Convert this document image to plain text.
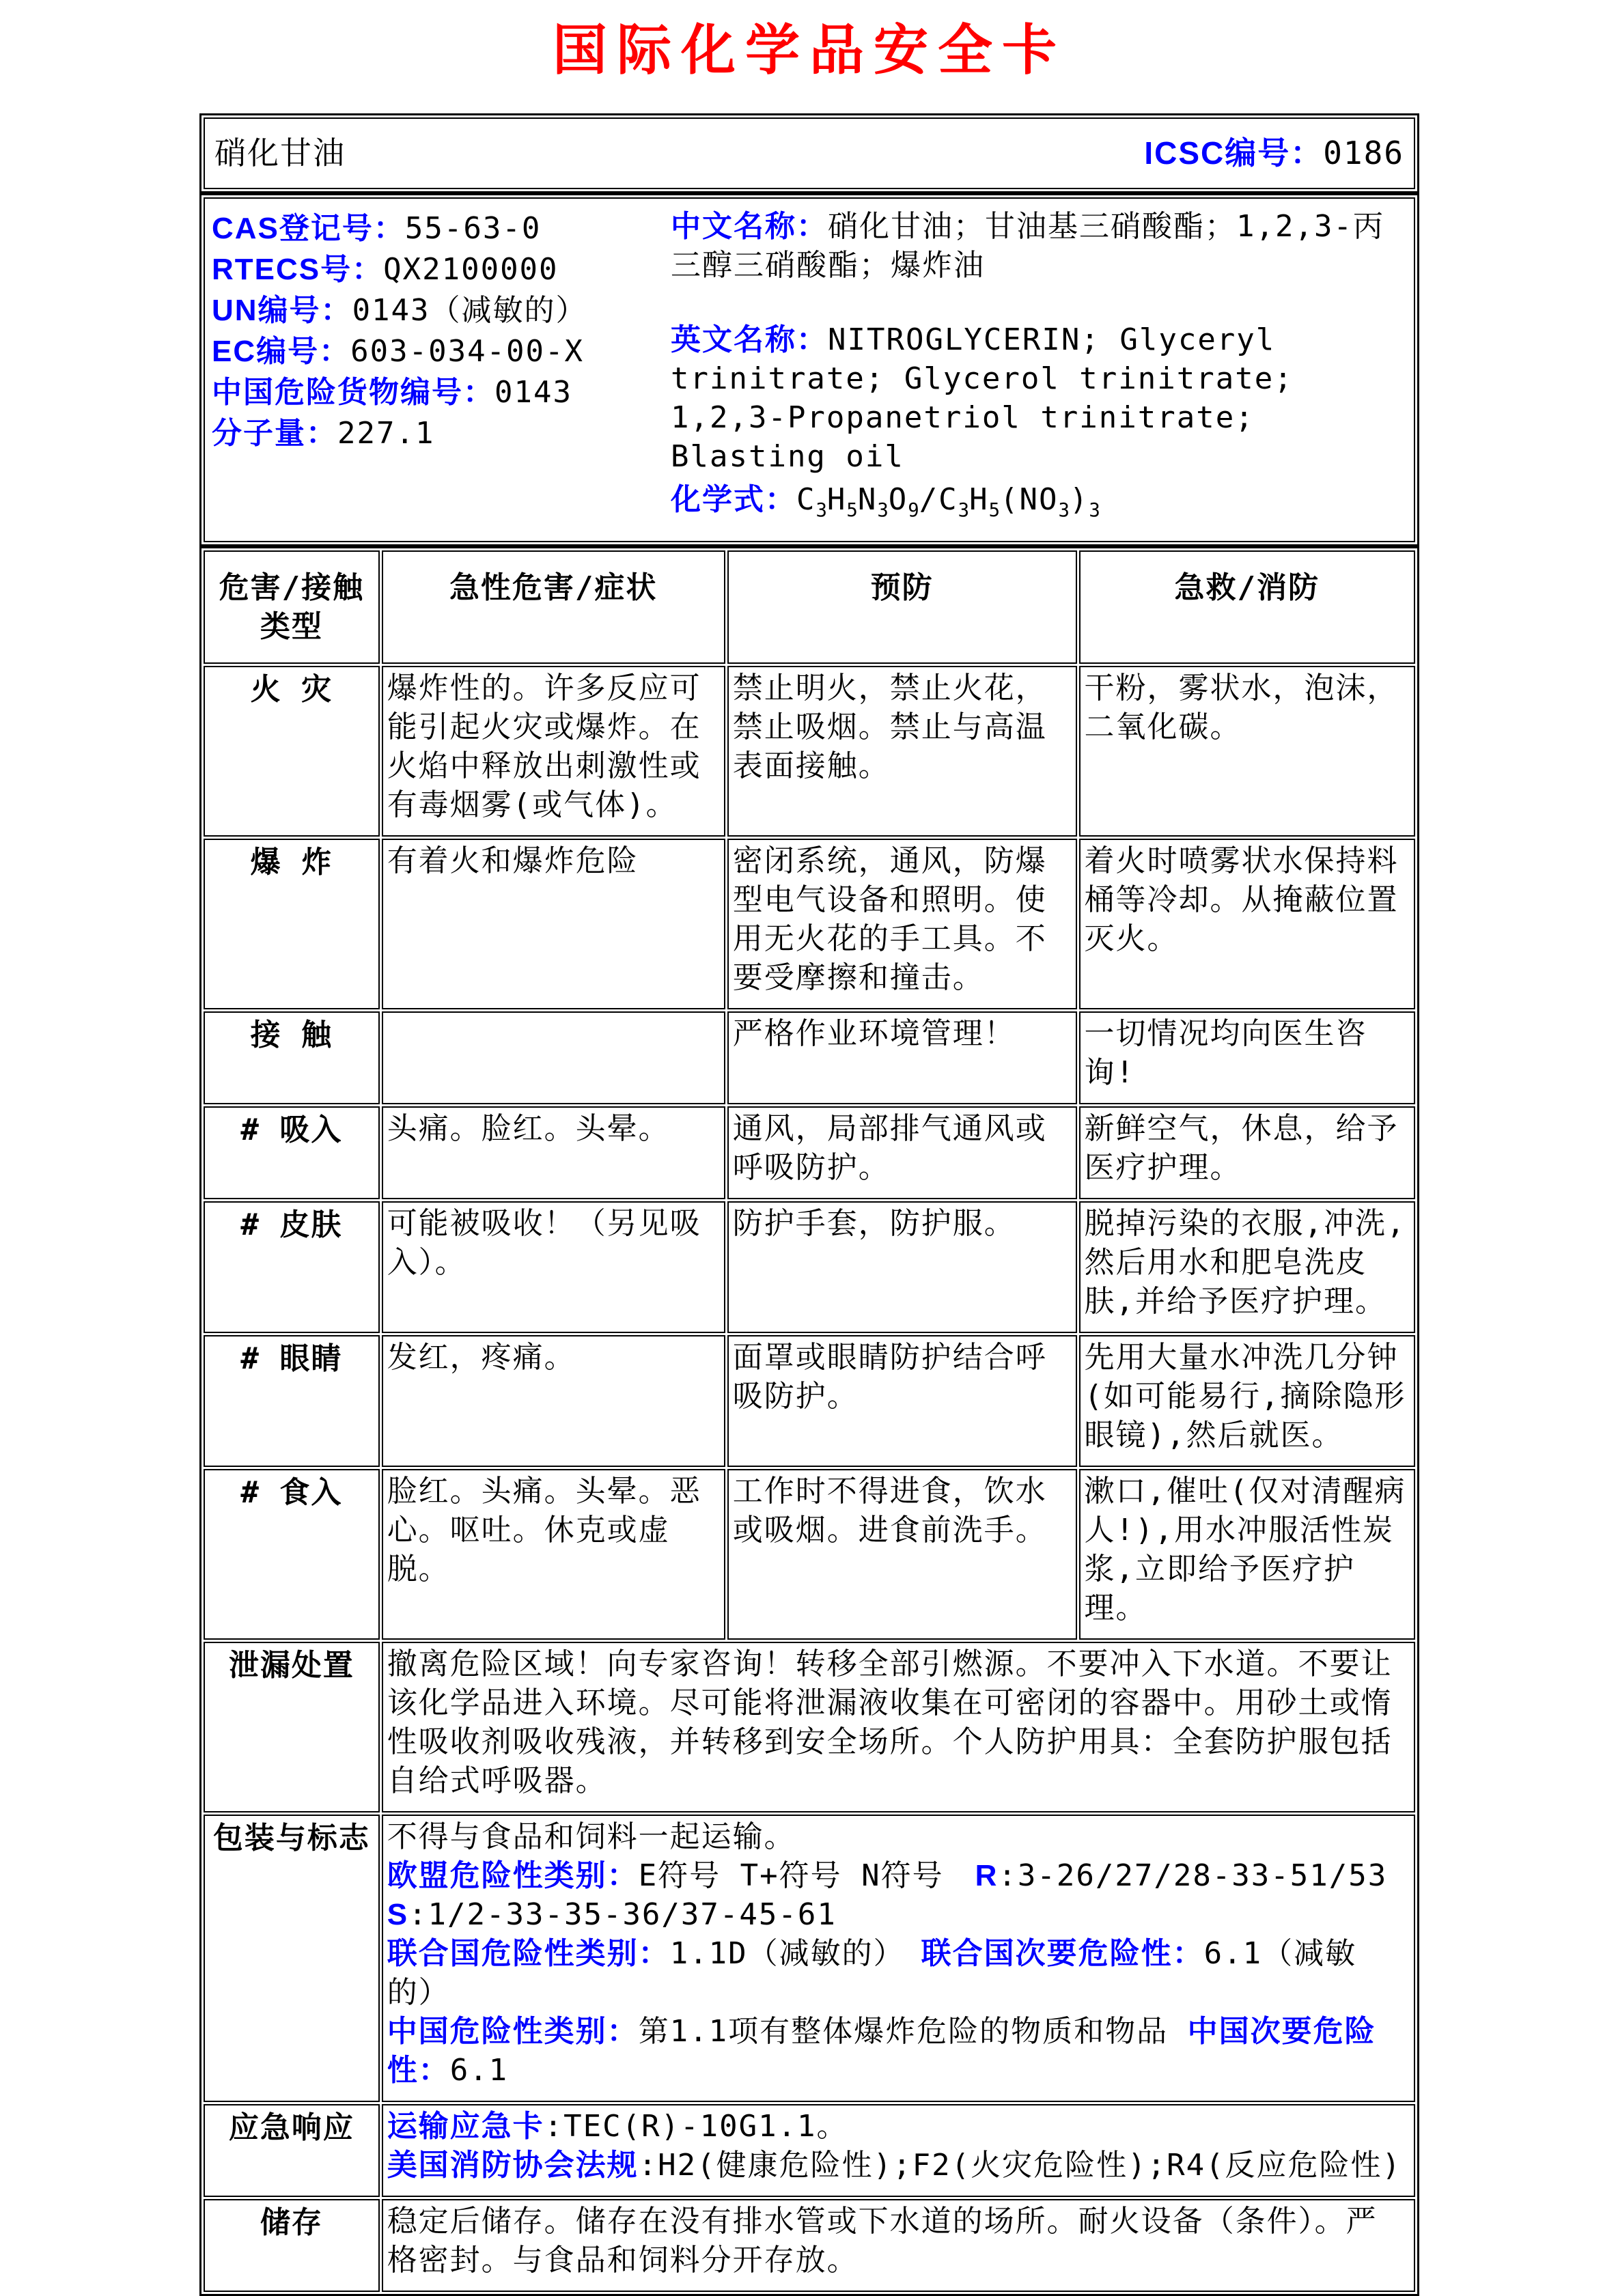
国际化学品安全卡
硝化甘油	ICSC编号：0186
CAS登记号：55-63-0
RTECS号：QX2100000
UN编号：0143（减敏的）
EC编号：603-034-00-X
中国危险货物编号：0143
分子量：227.1

中文名称：硝化甘油；甘油基三硝酸酯；1,2,3-丙三醇三硝酸酯；爆炸油

英文名称：NITROGLYCERIN; Glyceryl trinitrate; Glycerol trinitrate; 1,2,3-Propanetriol trinitrate; Blasting oil

化学式：$C_3H_5N_3O_9/C_3H_5(NO_3)_3$

危害/接触类型	急性危害/症状	预防	急救/消防
火 灾	爆炸性的。许多反应可能引起火灾或爆炸。在火焰中释放出刺激性或有毒烟雾(或气体)。	禁止明火，禁止火花，禁止吸烟。禁止与高温表面接触。	干粉，雾状水，泡沫，二氧化碳。
爆 炸	有着火和爆炸危险	密闭系统，通风，防爆型电气设备和照明。使用无火花的手工具。不要受摩擦和撞击。	着火时喷雾状水保持料桶等冷却。从掩蔽位置灭火。
接 触		严格作业环境管理！	一切情况均向医生咨询!
# 吸入	头痛。脸红。头晕。	通风，局部排气通风或呼吸防护。	新鲜空气，休息，给予医疗护理。
# 皮肤	可能被吸收！（另见吸入）。	防护手套，防护服。	脱掉污染的衣服,冲洗,然后用水和肥皂洗皮肤,并给予医疗护理。
# 眼睛	发红，疼痛。	面罩或眼睛防护结合呼吸防护。	先用大量水冲洗几分钟(如可能易行,摘除隐形眼镜),然后就医。
# 食入	脸红。头痛。头晕。恶心。呕吐。休克或虚脱。	工作时不得进食，饮水或吸烟。进食前洗手。	漱口,催吐(仅对清醒病人!),用水冲服活性炭浆,立即给予医疗护理。
泄漏处置	撤离危险区域！向专家咨询！转移全部引燃源。不要冲入下水道。不要让该化学品进入环境。尽可能将泄漏液收集在可密闭的容器中。用砂土或惰性吸收剂吸收残液，并转移到安全场所。个人防护用具：全套防护服包括自给式呼吸器。		
包装与标志	不得与食品和饲料一起运输。
欧盟危险性类别：E符号 T+符号 N符号　R:3-26/27/28-33-51/53 S:1/2-33-35-36/37-45-61
联合国危险性类别：1.1D（减敏的）　联合国次要危险性：6.1（减敏的）
中国危险性类别：第1.1项有整体爆炸危险的物质和物品 中国次要危险性：6.1		
应急响应	运输应急卡:TEC(R)-10G1.1。
美国消防协会法规:H2(健康危险性);F2(火灾危险性);R4(反应危险性)		
储存	稳定后储存。储存在没有排水管或下水道的场所。耐火设备（条件）。严格密封。与食品和饲料分开存放。		
